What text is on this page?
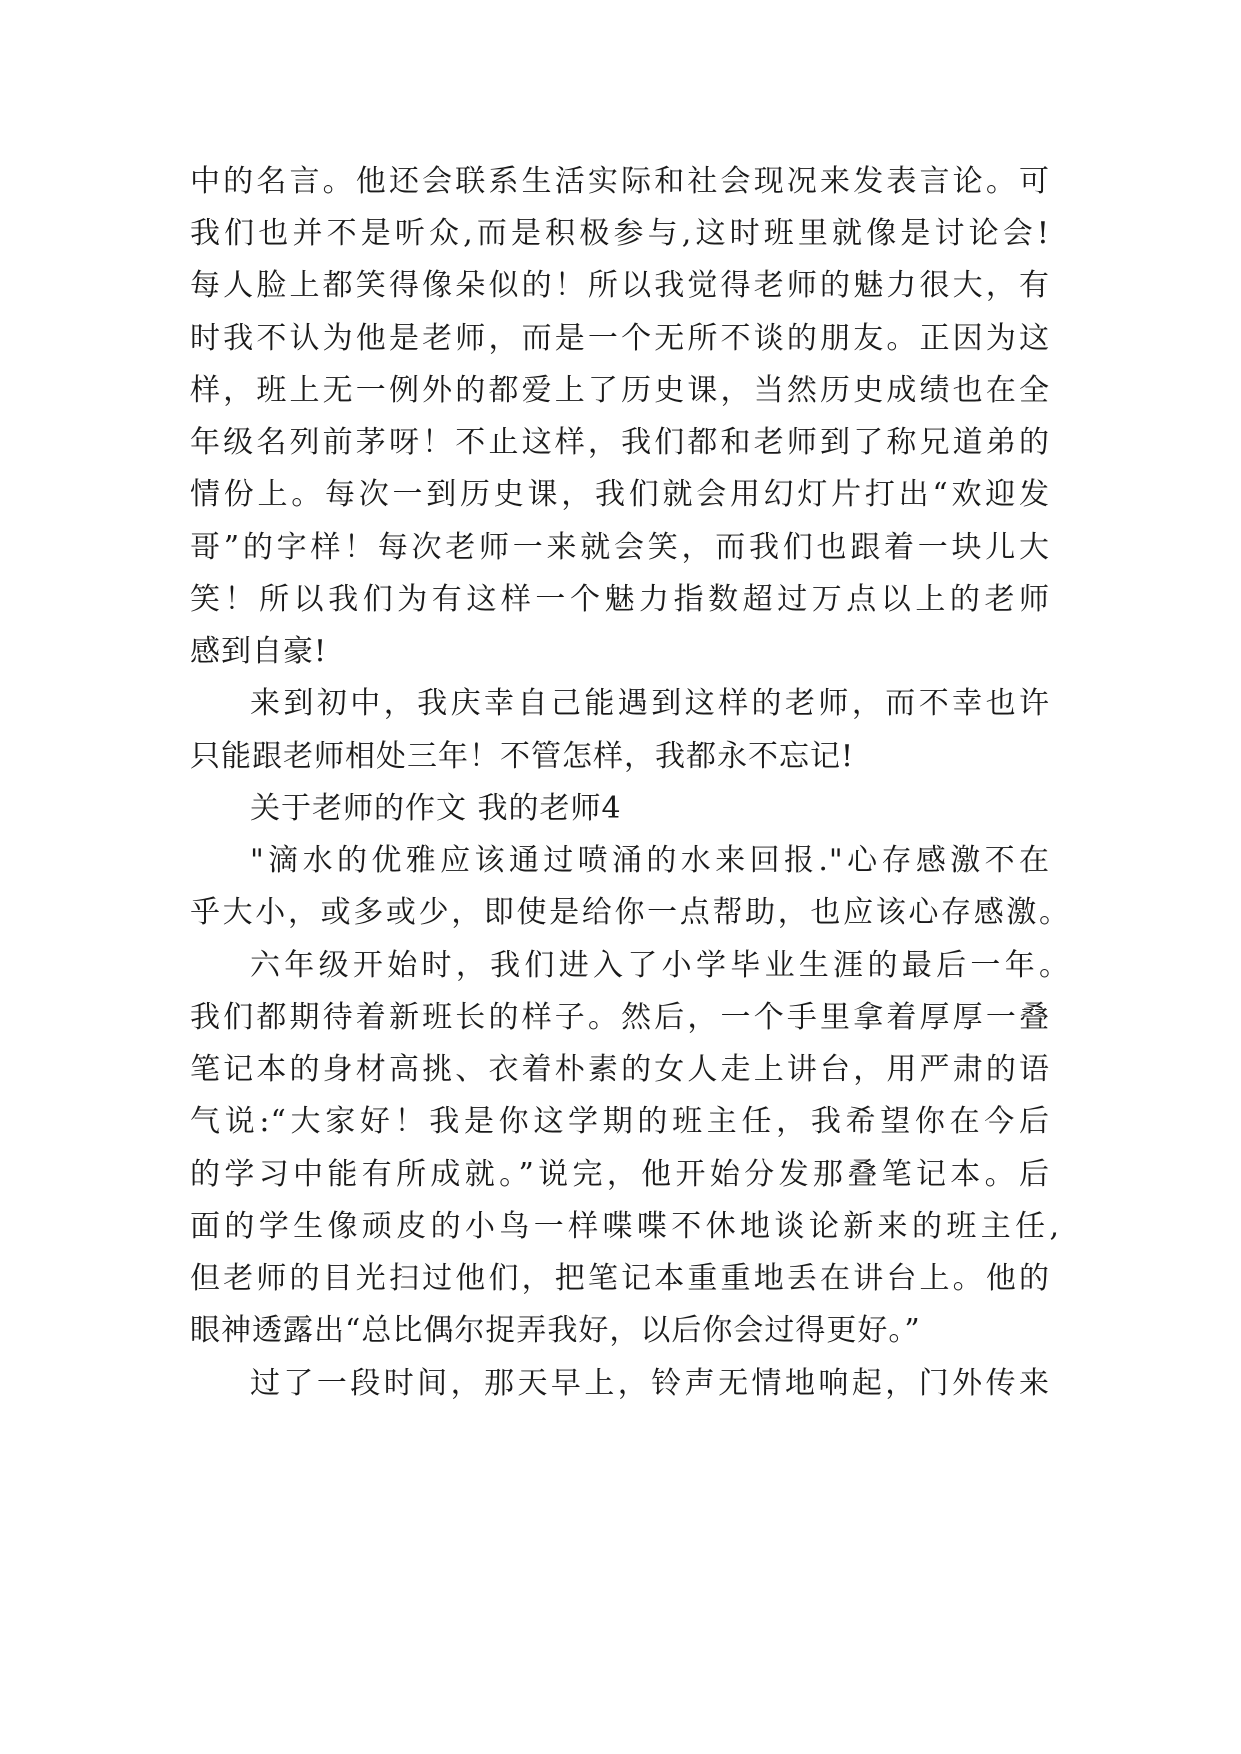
中的名言。他还会联系生活实际和社会现况来发表言论。可
我们也并不是听众,而是积极参与,这时班里就像是讨论会!
每人脸上都笑得像朵似的！所以我觉得老师的魅力很大，有
时我不认为他是老师，而是一个无所不谈的朋友。正因为这
样，班上无一例外的都爱上了历史课，当然历史成绩也在全
年级名列前茅呀！不止这样，我们都和老师到了称兄道弟的
情份上。每次一到历史课，我们就会用幻灯片打出“欢迎发
哥”的字样！每次老师一来就会笑，而我们也跟着一块儿大
笑！所以我们为有这样一个魅力指数超过万点以上的老师
感到自豪!
来到初中，我庆幸自己能遇到这样的老师，而不幸也许
只能跟老师相处三年！不管怎样，我都永不忘记!
关于老师的作文 我的老师4
"滴水的优雅应该通过喷涌的水来回报."心存感激不在
乎大小，或多或少，即使是给你一点帮助，也应该心存感激。
六年级开始时，我们进入了小学毕业生涯的最后一年。
我们都期待着新班长的样子。然后，一个手里拿着厚厚一叠
笔记本的身材高挑、衣着朴素的女人走上讲台，用严肃的语
气说:“大家好！我是你这学期的班主任，我希望你在今后
的学习中能有所成就。”说完，他开始分发那叠笔记本。后
面的学生像顽皮的小鸟一样喋喋不休地谈论新来的班主任,
但老师的目光扫过他们，把笔记本重重地丢在讲台上。他的
眼神透露出“总比偶尔捉弄我好，以后你会过得更好。”
过了一段时间，那天早上，铃声无情地响起，门外传来
